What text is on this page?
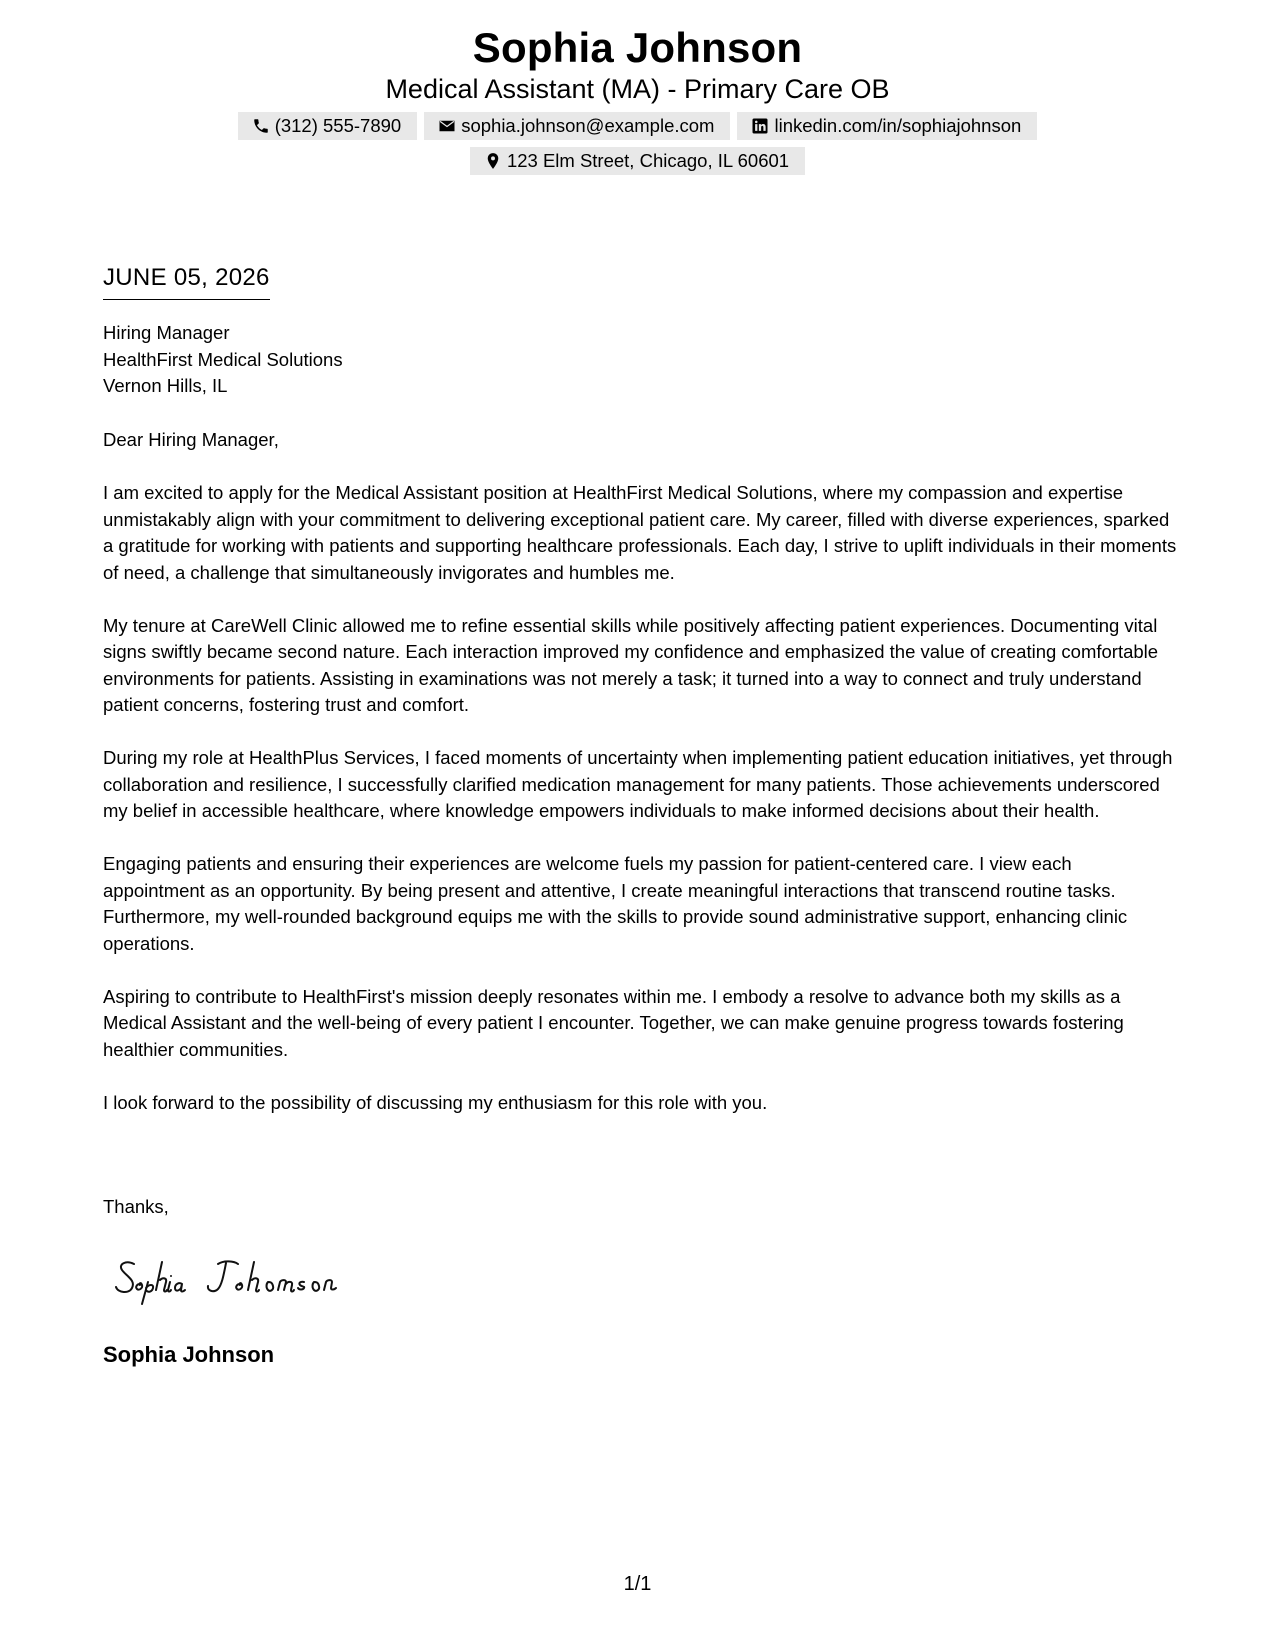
Sophia Johnson
Medical Assistant (MA) - Primary Care OB
(312) 555-7890	sophia.johnson@example.com	linkedin.com/in/sophiajohnson
123 Elm Street, Chicago, IL 60601
JUNE 05, 2026
Hiring Manager
HealthFirst Medical Solutions
Vernon Hills, IL

Dear Hiring Manager,

I am excited to apply for the Medical Assistant position at HealthFirst Medical Solutions, where my compassion and expertise unmistakably align with your commitment to delivering exceptional patient care. My career, filled with diverse experiences, sparked a gratitude for working with patients and supporting healthcare professionals. Each day, I strive to uplift individuals in their moments of need, a challenge that simultaneously invigorates and humbles me.

My tenure at CareWell Clinic allowed me to refine essential skills while positively affecting patient experiences. Documenting vital signs swiftly became second nature. Each interaction improved my confidence and emphasized the value of creating comfortable environments for patients. Assisting in examinations was not merely a task; it turned into a way to connect and truly understand patient concerns, fostering trust and comfort.

During my role at HealthPlus Services, I faced moments of uncertainty when implementing patient education initiatives, yet through collaboration and resilience, I successfully clarified medication management for many patients. Those achievements underscored my belief in accessible healthcare, where knowledge empowers individuals to make informed decisions about their health.

Engaging patients and ensuring their experiences are welcome fuels my passion for patient-centered care. I view each appointment as an opportunity. By being present and attentive, I create meaningful interactions that transcend routine tasks. Furthermore, my well-rounded background equips me with the skills to provide sound administrative support, enhancing clinic operations.

Aspiring to contribute to HealthFirst's mission deeply resonates within me. I embody a resolve to advance both my skills as a Medical Assistant and the well-being of every patient I encounter. Together, we can make genuine progress towards fostering healthier communities.

I look forward to the possibility of discussing my enthusiasm for this role with you.

Thanks,
Sophia Johnson
1/1
